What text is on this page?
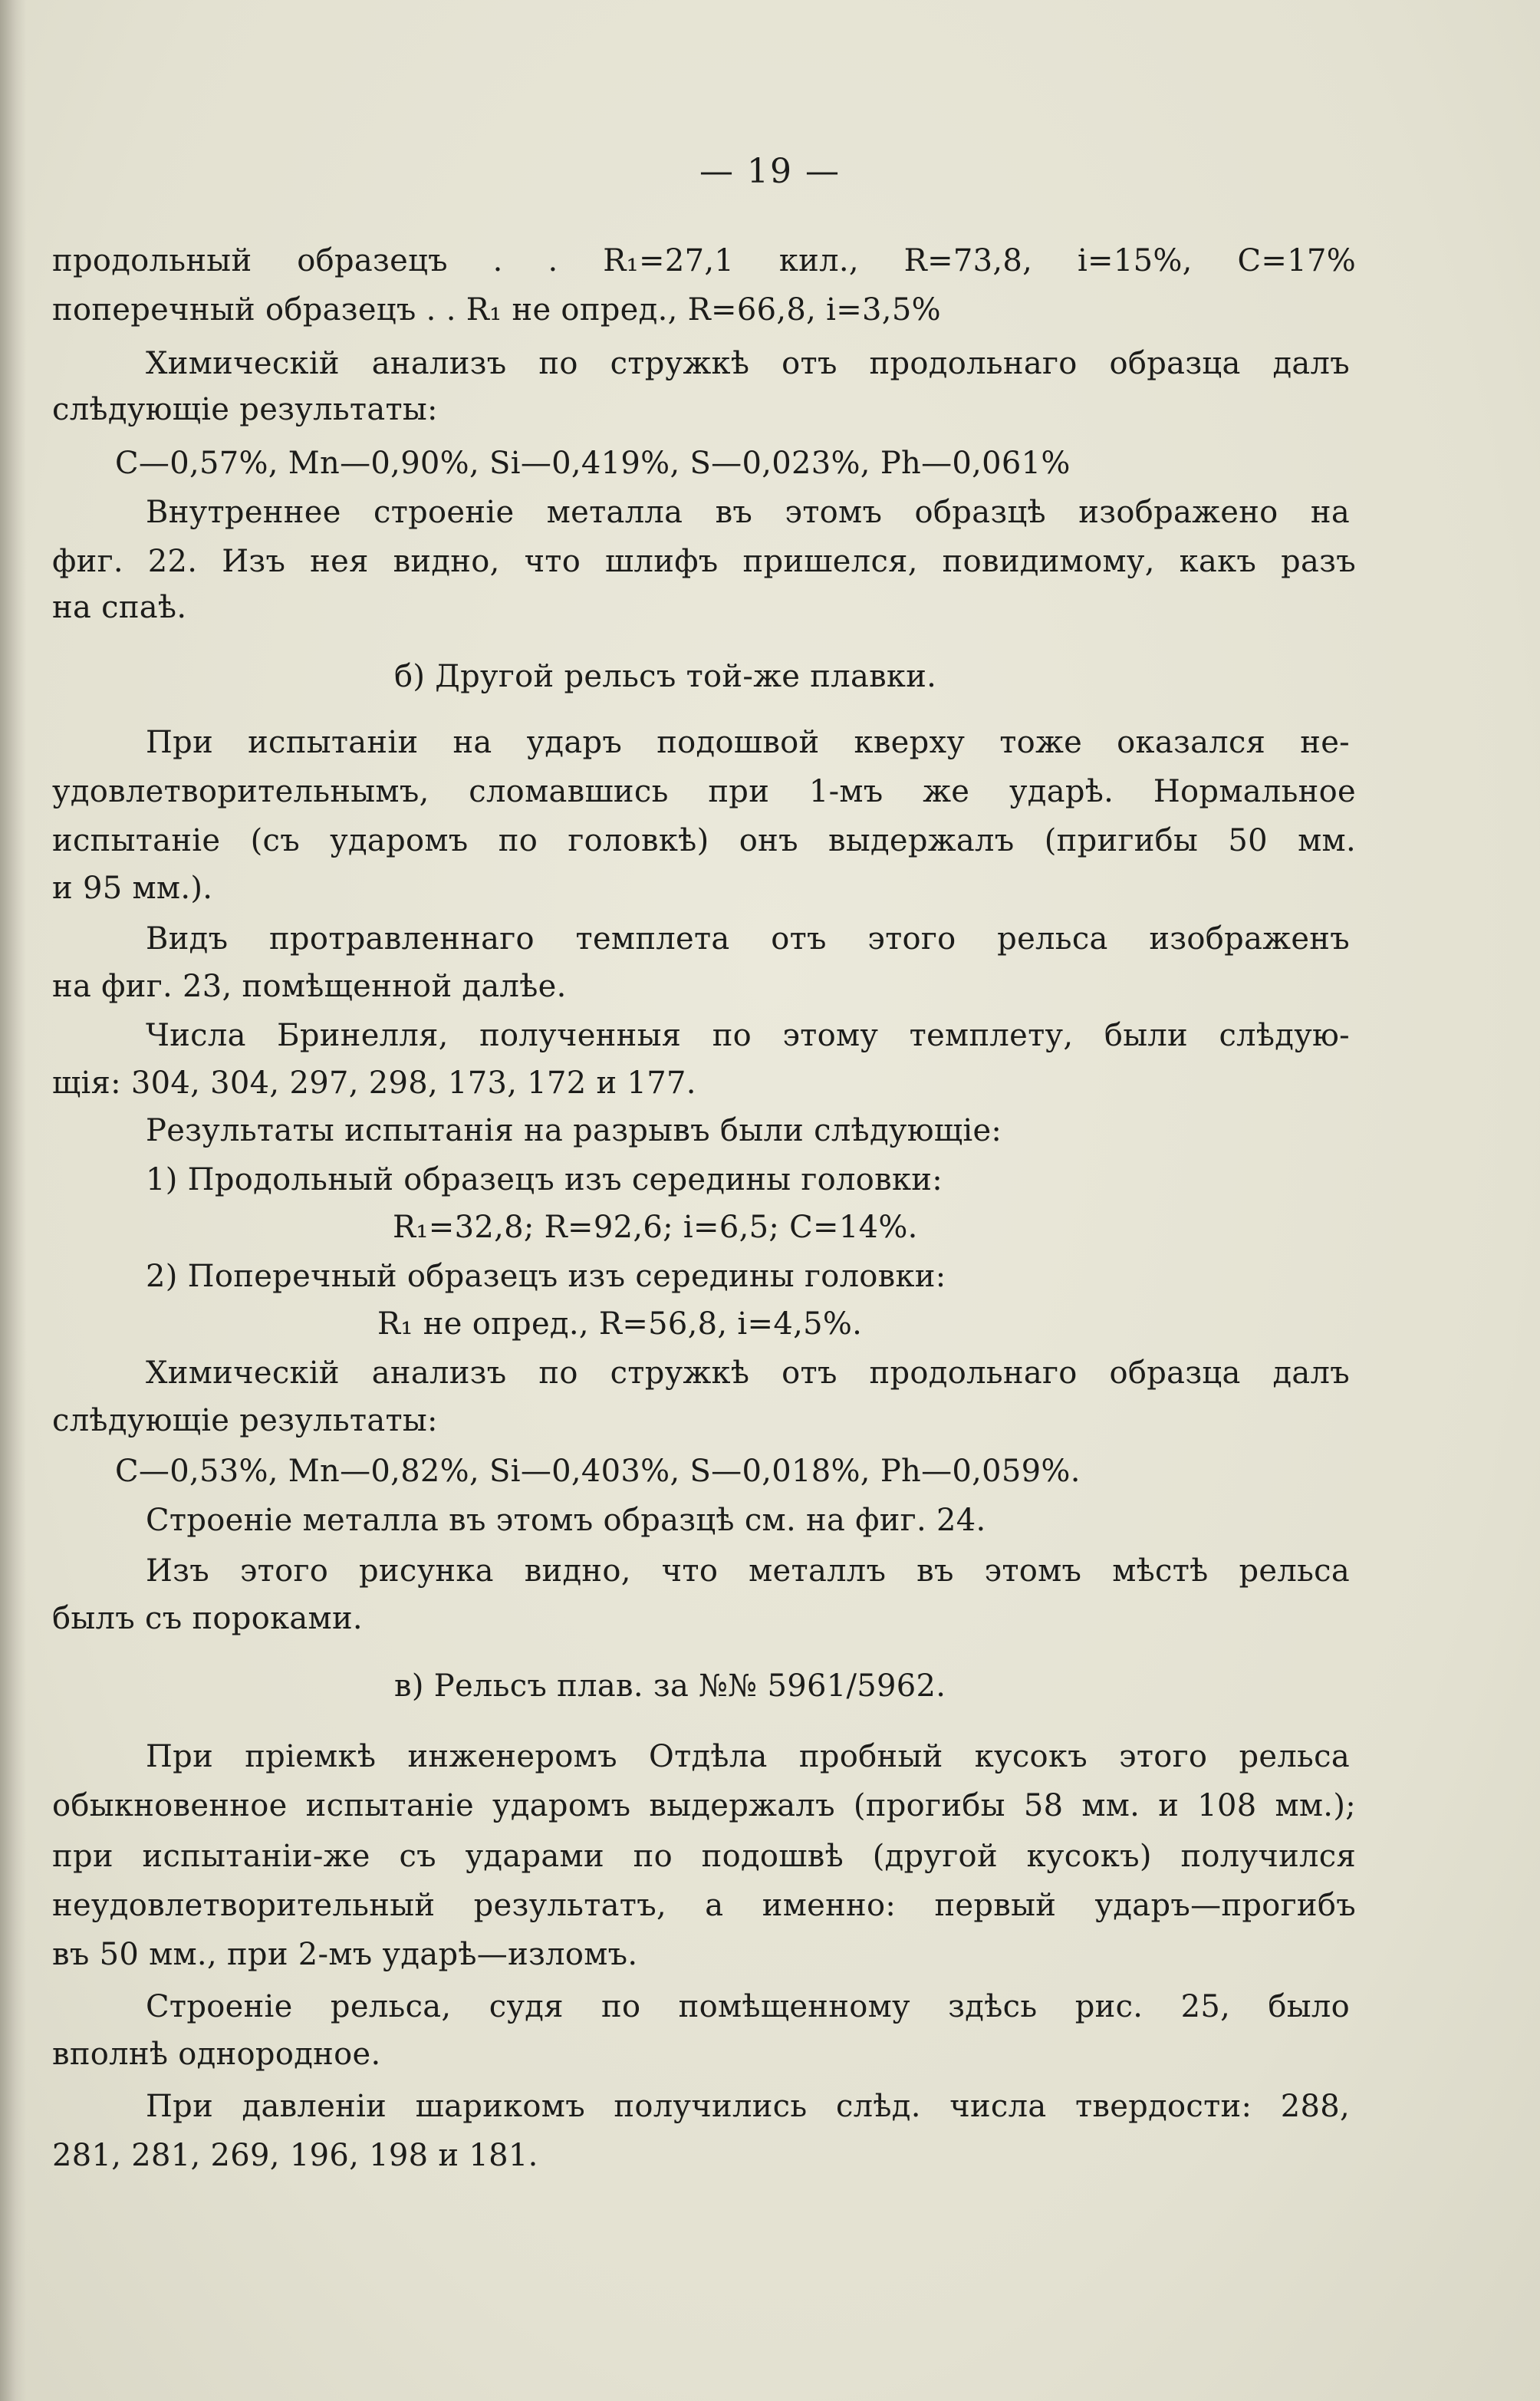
— 19 —
продольный образецъ . . R₁=27,1 кил., R=73,8, i=15%, C=17%
поперечный образецъ . . R₁ не опред., R=66,8, i=3,5%
Химическій анализъ по стружкѣ отъ продольнаго образца далъ
слѣдующіе результаты:
C—0,57%, Mn—0,90%, Si—0,419%, S—0,023%, Ph—0,061%
Внутреннее строеніе металла въ этомъ образцѣ изображено на
фиг. 22. Изъ нея видно, что шлифъ пришелся, повидимому, какъ разъ
на спаѣ.
б) Другой рельсъ той-же плавки.
При испытаніи на ударъ подошвой кверху тоже оказался не-
удовлетворительнымъ, сломавшись при 1-мъ же ударѣ. Нормальное
испытаніе (съ ударомъ по головкѣ) онъ выдержалъ (пригибы 50 мм.
и 95 мм.).
Видъ протравленнаго темплета отъ этого рельса изображенъ
на фиг. 23, помѣщенной далѣе.
Числа Бринелля, полученныя по этому темплету, были слѣдую-
щія: 304, 304, 297, 298, 173, 172 и 177.
Результаты испытанія на разрывъ были слѣдующіе:
1) Продольный образецъ изъ середины головки:
R₁=32,8; R=92,6; i=6,5; C=14%.
2) Поперечный образецъ изъ середины головки:
R₁ не опред., R=56,8, i=4,5%.
Химическій анализъ по стружкѣ отъ продольнаго образца далъ
слѣдующіе результаты:
C—0,53%, Mn—0,82%, Si—0,403%, S—0,018%, Ph—0,059%.
Строеніе металла въ этомъ образцѣ см. на фиг. 24.
Изъ этого рисунка видно, что металлъ въ этомъ мѣстѣ рельса
былъ съ пороками.
в) Рельсъ плав. за №№ 5961/5962.
При пріемкѣ инженеромъ Отдѣла пробный кусокъ этого рельса
обыкновенное испытаніе ударомъ выдержалъ (прогибы 58 мм. и 108 мм.);
при испытаніи-же съ ударами по подошвѣ (другой кусокъ) получился
неудовлетворительный результатъ, а именно: первый ударъ—прогибъ
въ 50 мм., при 2-мъ ударѣ—изломъ.
Строеніе рельса, судя по помѣщенному здѣсь рис. 25, было
вполнѣ однородное.
При давленіи шарикомъ получились слѣд. числа твердости: 288,
281, 281, 269, 196, 198 и 181.
